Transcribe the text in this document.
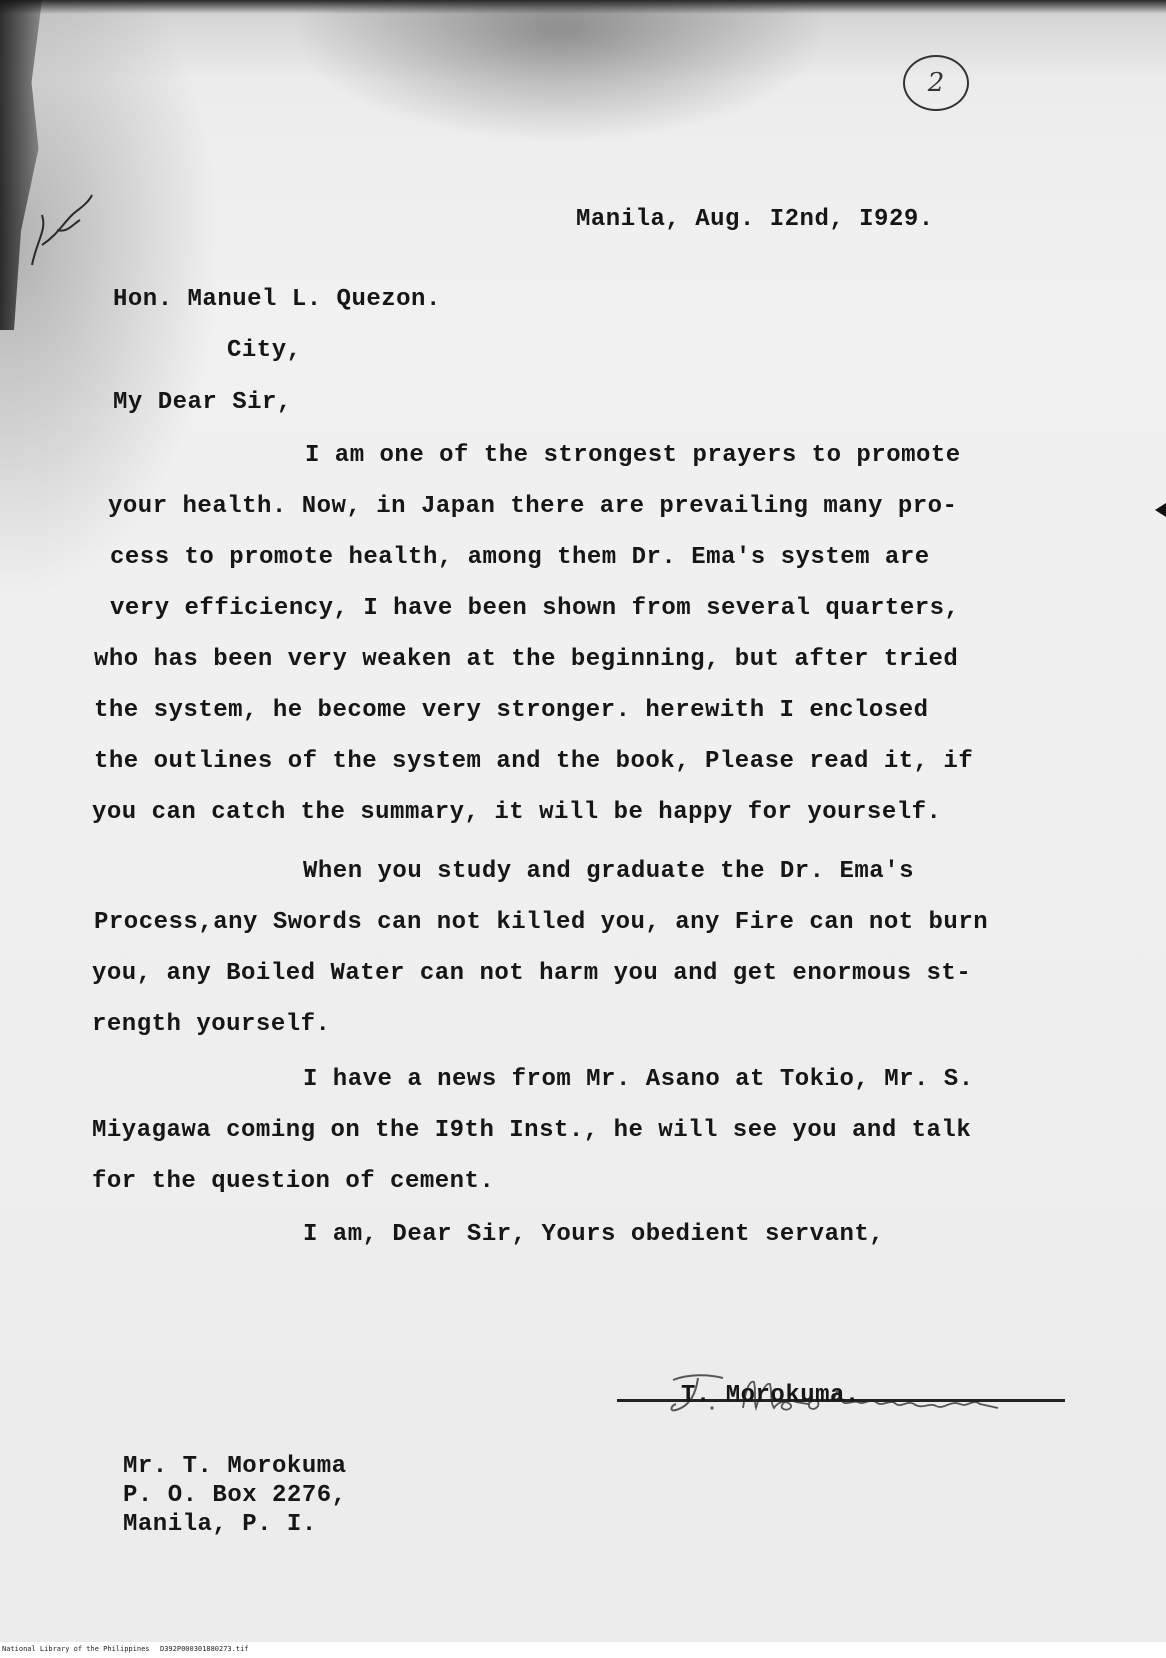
2
Manila, Aug. I2nd, I929.
Hon. Manuel L. Quezon.
City,
My Dear Sir,
I am one of the strongest prayers to promote
your health. Now, in Japan there are prevailing many pro-
cess to promote health, among them Dr. Ema's system are
very efficiency, I have been shown from several quarters,
who has been very weaken at the beginning, but after tried
the system, he become very stronger. herewith I enclosed
the outlines of the system and the book, Please read it, if
you can catch the summary, it will be happy for yourself.
When you study and graduate the Dr. Ema's
Process,any Swords can not killed you, any Fire can not burn
you, any Boiled Water can not harm you and get enormous st-
rength yourself.
I have a news from Mr. Asano at Tokio, Mr. S.
Miyagawa coming on the I9th Inst., he will see you and talk
for the question of cement.
I am, Dear Sir, Yours obedient servant,
T. Morokuma.
Mr. T. Morokuma
P. O. Box 2276,
Manila, P. I.
National Library of the Philippines D392P000301880273.tif
